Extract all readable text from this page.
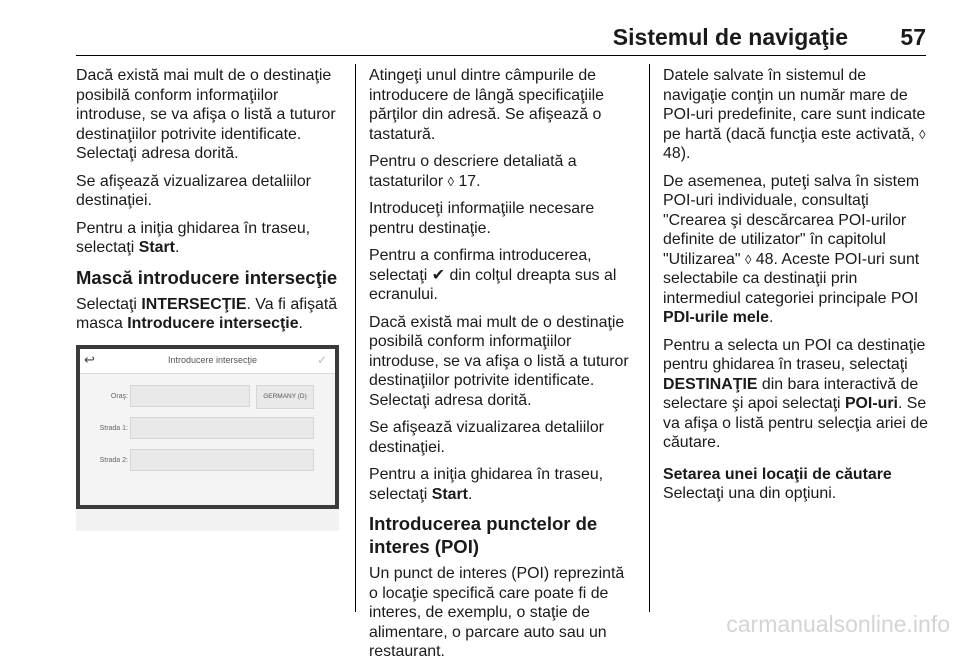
Sistemul de navigaţie 57

Dacă există mai mult de o destinaţie posibilă conform informaţiilor introduse, se va afişa o listă a tuturor destinaţiilor potrivite identificate. Selectaţi adresa dorită.

Se afişează vizualizarea detaliilor destinaţiei.

Pentru a iniţia ghidarea în traseu, selectaţi Start.

Mască introducere intersecţie

Selectaţi INTERSECŢIE. Va fi afişată masca Introducere intersecţie.

↩	Introducere intersecţie	✓
Oraş:	GERMANY (D)
Strada 1:
Strada 2:

Atingeţi unul dintre câmpurile de introducere de lângă specificaţiile părţilor din adresă. Se afişează o tastatură.

Pentru o descriere detaliată a tastaturilor ◊ 17.

Introduceţi informaţiile necesare pentru destinaţie.

Pentru a confirma introducerea, selectaţi ✔ din colţul dreapta sus al ecranului.

Dacă există mai mult de o destinaţie posibilă conform informaţiilor introduse, se va afişa o listă a tuturor destinaţiilor potrivite identificate. Selectaţi adresa dorită.

Se afişează vizualizarea detaliilor destinaţiei.

Pentru a iniţia ghidarea în traseu, selectaţi Start.

Introducerea punctelor de interes (POI)

Un punct de interes (POI) reprezintă o locaţie specifică care poate fi de interes, de exemplu, o staţie de alimentare, o parcare auto sau un restaurant.

Datele salvate în sistemul de navigaţie conţin un număr mare de POI-uri predefinite, care sunt indicate pe hartă (dacă funcţia este activată, ◊ 48).

De asemenea, puteţi salva în sistem POI-uri individuale, consultaţi "Crearea şi descărcarea POI-urilor definite de utilizator" în capitolul "Utilizarea" ◊ 48. Aceste POI-uri sunt selectabile ca destinaţii prin intermediul categoriei principale POI PDI-urile mele.

Pentru a selecta un POI ca destinaţie pentru ghidarea în traseu, selectaţi DESTINAŢIE din bara interactivă de selectare şi apoi selectaţi POI-uri. Se va afişa o listă pentru selecţia ariei de căutare.

Setarea unei locaţii de căutare

Selectaţi una din opţiuni.

carmanualsonline.info
